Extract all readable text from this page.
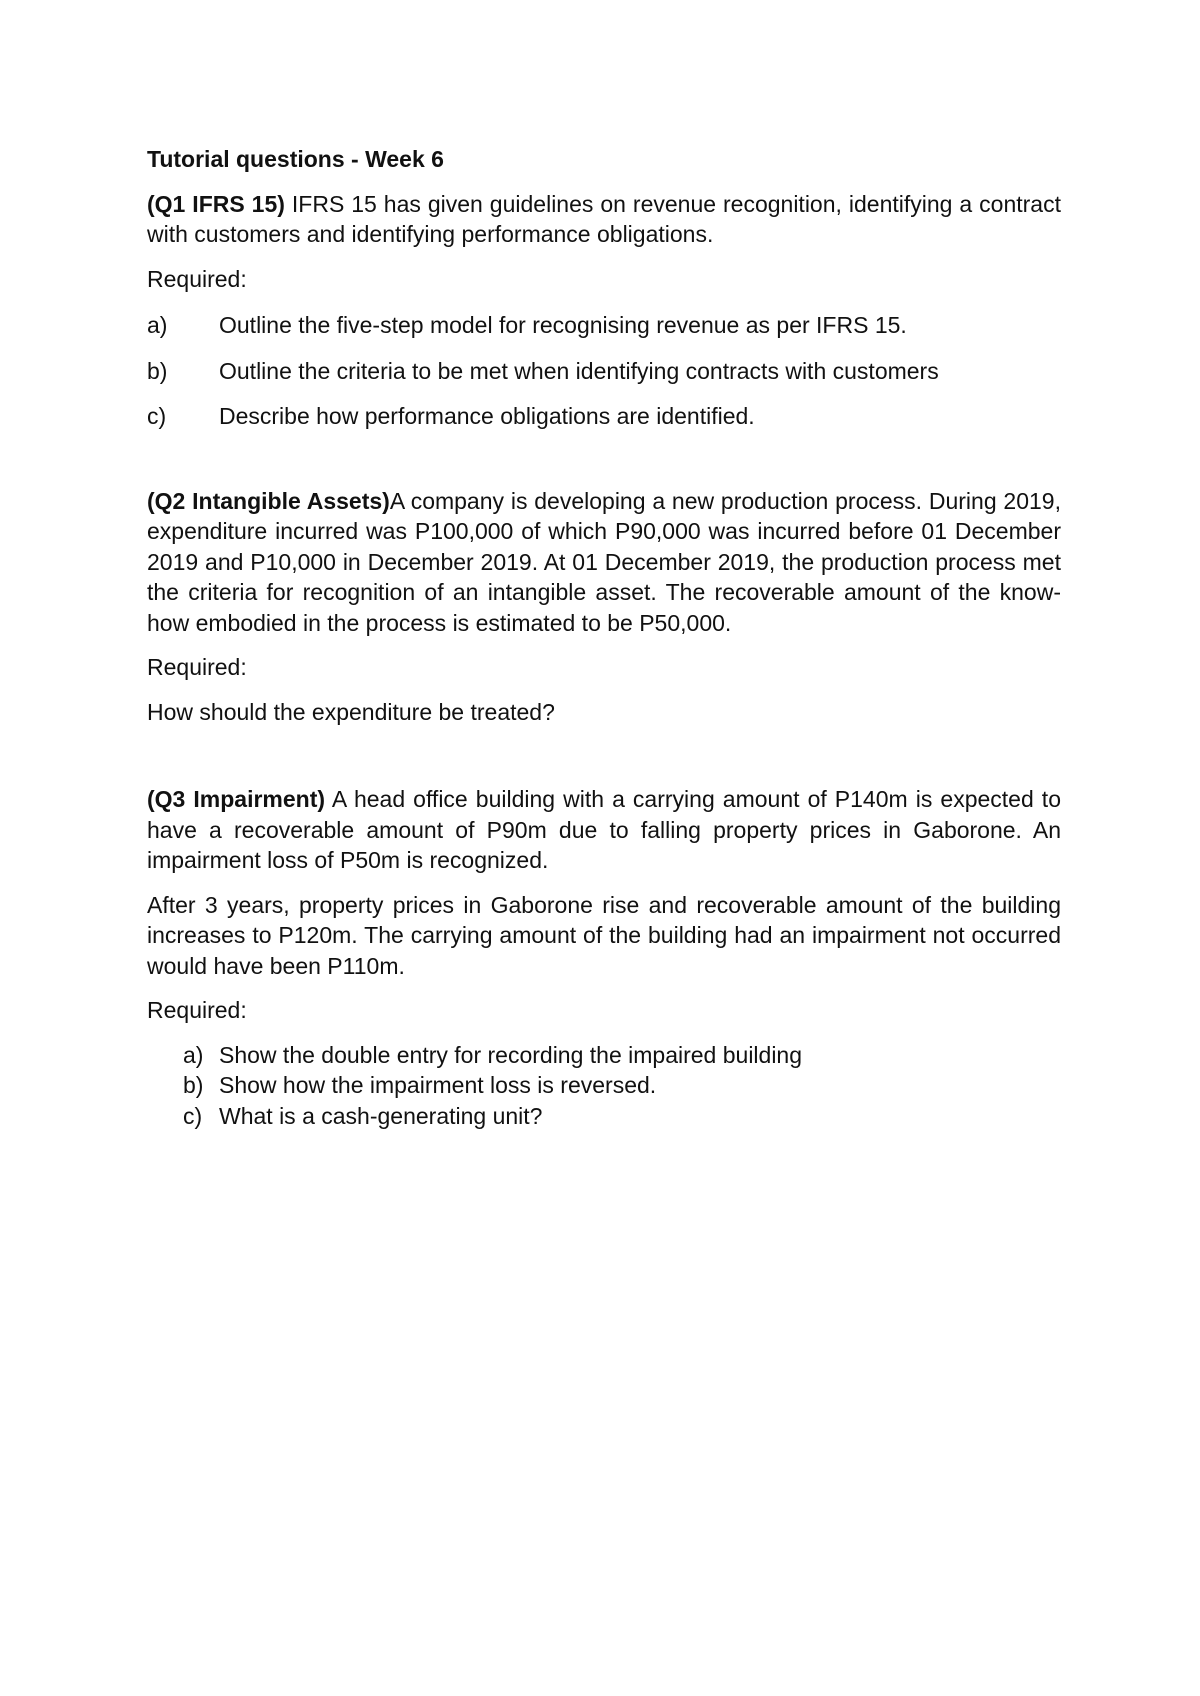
Tutorial questions - Week 6

(Q1 IFRS 15) IFRS 15 has given guidelines on revenue recognition, identifying a contract with customers and identifying performance obligations.

Required:

a) Outline the five-step model for recognising revenue as per IFRS 15.
b) Outline the criteria to be met when identifying contracts with customers
c) Describe how performance obligations are identified.

(Q2 Intangible Assets)A company is developing a new production process. During 2019, expenditure incurred was P100,000 of which P90,000 was incurred before 01 December 2019 and P10,000 in December 2019. At 01 December 2019, the production process met the criteria for recognition of an intangible asset. The recoverable amount of the know-how embodied in the process is estimated to be P50,000.

Required:

How should the expenditure be treated?

(Q3 Impairment) A head office building with a carrying amount of P140m is expected to have a recoverable amount of P90m due to falling property prices in Gaborone. An impairment loss of P50m is recognized.

After 3 years, property prices in Gaborone rise and recoverable amount of the building increases to P120m. The carrying amount of the building had an impairment not occurred would have been P110m.

Required:

a) Show the double entry for recording the impaired building
b) Show how the impairment loss is reversed.
c) What is a cash-generating unit?
